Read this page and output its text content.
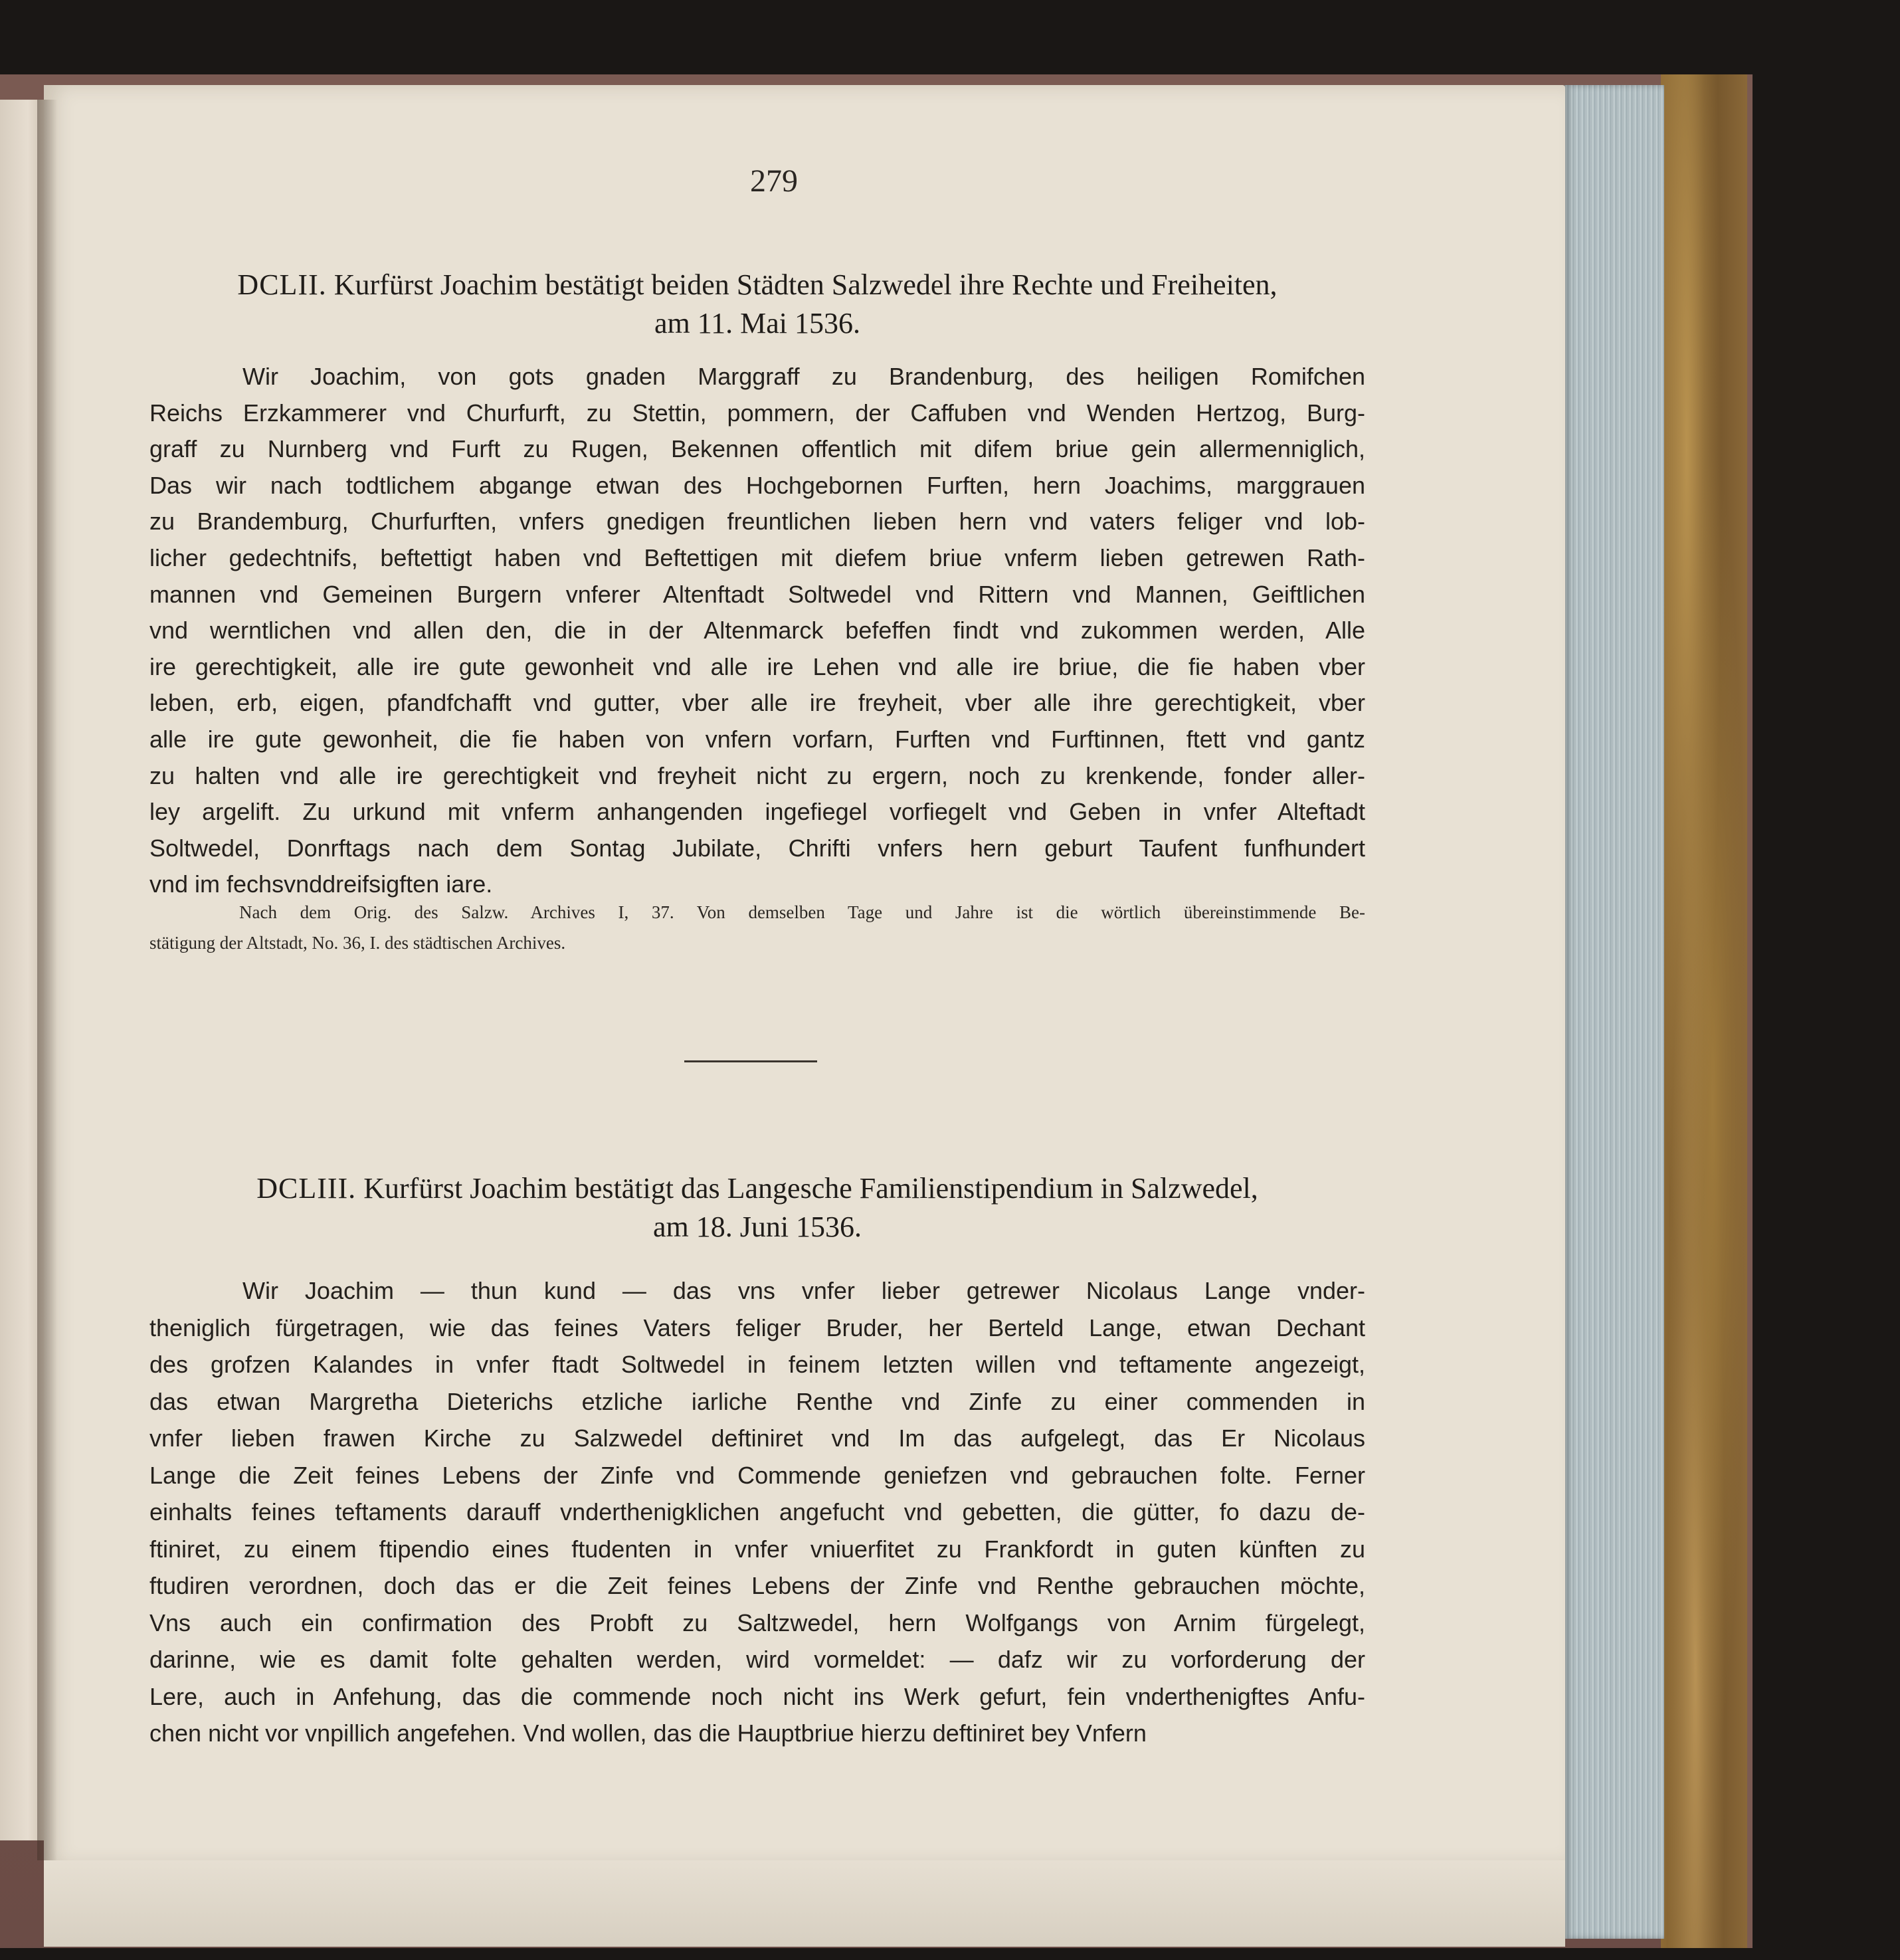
279
DCLII. Kurfürst Joachim bestätigt beiden Städten Salzwedel ihre Rechte und Freiheiten,
am 11. Mai 1536.
Wir Joachim, von gots gnaden Marggraff zu Brandenburg, des heiligen Romifchen
Reichs Erzkammerer vnd Churfurft, zu Stettin, pommern, der Caffuben vnd Wenden Hertzog, Burg-
graff zu Nurnberg vnd Furft zu Rugen, Bekennen offentlich mit difem briue gein allermenniglich,
Das wir nach todtlichem abgange etwan des Hochgebornen Furften, hern Joachims, marggrauen
zu Brandemburg, Churfurften, vnfers gnedigen freuntlichen lieben hern vnd vaters feliger vnd lob-
licher gedechtnifs, beftettigt haben vnd Beftettigen mit diefem briue vnferm lieben getrewen Rath-
mannen vnd Gemeinen Burgern vnferer Altenftadt Soltwedel vnd Rittern vnd Mannen, Geiftlichen
vnd werntlichen vnd allen den, die in der Altenmarck befeffen findt vnd zukommen werden, Alle
ire gerechtigkeit, alle ire gute gewonheit vnd alle ire Lehen vnd alle ire briue, die fie haben vber
leben, erb, eigen, pfandfchafft vnd gutter, vber alle ire freyheit, vber alle ihre gerechtigkeit, vber
alle ire gute gewonheit, die fie haben von vnfern vorfarn, Furften vnd Furftinnen, ftett vnd gantz
zu halten vnd alle ire gerechtigkeit vnd freyheit nicht zu ergern, noch zu krenkende, fonder aller-
ley argelift. Zu urkund mit vnferm anhangenden ingefiegel vorfiegelt vnd Geben in vnfer Alteftadt
Soltwedel, Donrftags nach dem Sontag Jubilate, Chrifti vnfers hern geburt Taufent funfhundert
vnd im fechsvnddreifsigften iare.
Nach dem Orig. des Salzw. Archives I, 37. Von demselben Tage und Jahre ist die wörtlich übereinstimmende Be-
stätigung der Altstadt, No. 36, I. des städtischen Archives.
DCLIII. Kurfürst Joachim bestätigt das Langesche Familienstipendium in Salzwedel,
am 18. Juni 1536.
Wir Joachim — thun kund — das vns vnfer lieber getrewer Nicolaus Lange vnder-
theniglich fürgetragen, wie das feines Vaters feliger Bruder, her Berteld Lange, etwan Dechant
des grofzen Kalandes in vnfer ftadt Soltwedel in feinem letzten willen vnd teftamente angezeigt,
das etwan Margretha Dieterichs etzliche iarliche Renthe vnd Zinfe zu einer commenden in
vnfer lieben frawen Kirche zu Salzwedel deftiniret vnd Im das aufgelegt, das Er Nicolaus
Lange die Zeit feines Lebens der Zinfe vnd Commende geniefzen vnd gebrauchen folte. Ferner
einhalts feines teftaments darauff vnderthenigklichen angefucht vnd gebetten, die gütter, fo dazu de-
ftiniret, zu einem ftipendio eines ftudenten in vnfer vniuerfitet zu Frankfordt in guten künften zu
ftudiren verordnen, doch das er die Zeit feines Lebens der Zinfe vnd Renthe gebrauchen möchte,
Vns auch ein confirmation des Probft zu Saltzwedel, hern Wolfgangs von Arnim fürgelegt,
darinne, wie es damit folte gehalten werden, wird vormeldet: — dafz wir zu vorforderung der
Lere, auch in Anfehung, das die commende noch nicht ins Werk gefurt, fein vnderthenigftes Anfu-
chen nicht vor vnpillich angefehen. Vnd wollen, das die Hauptbriue hierzu deftiniret bey Vnfern
